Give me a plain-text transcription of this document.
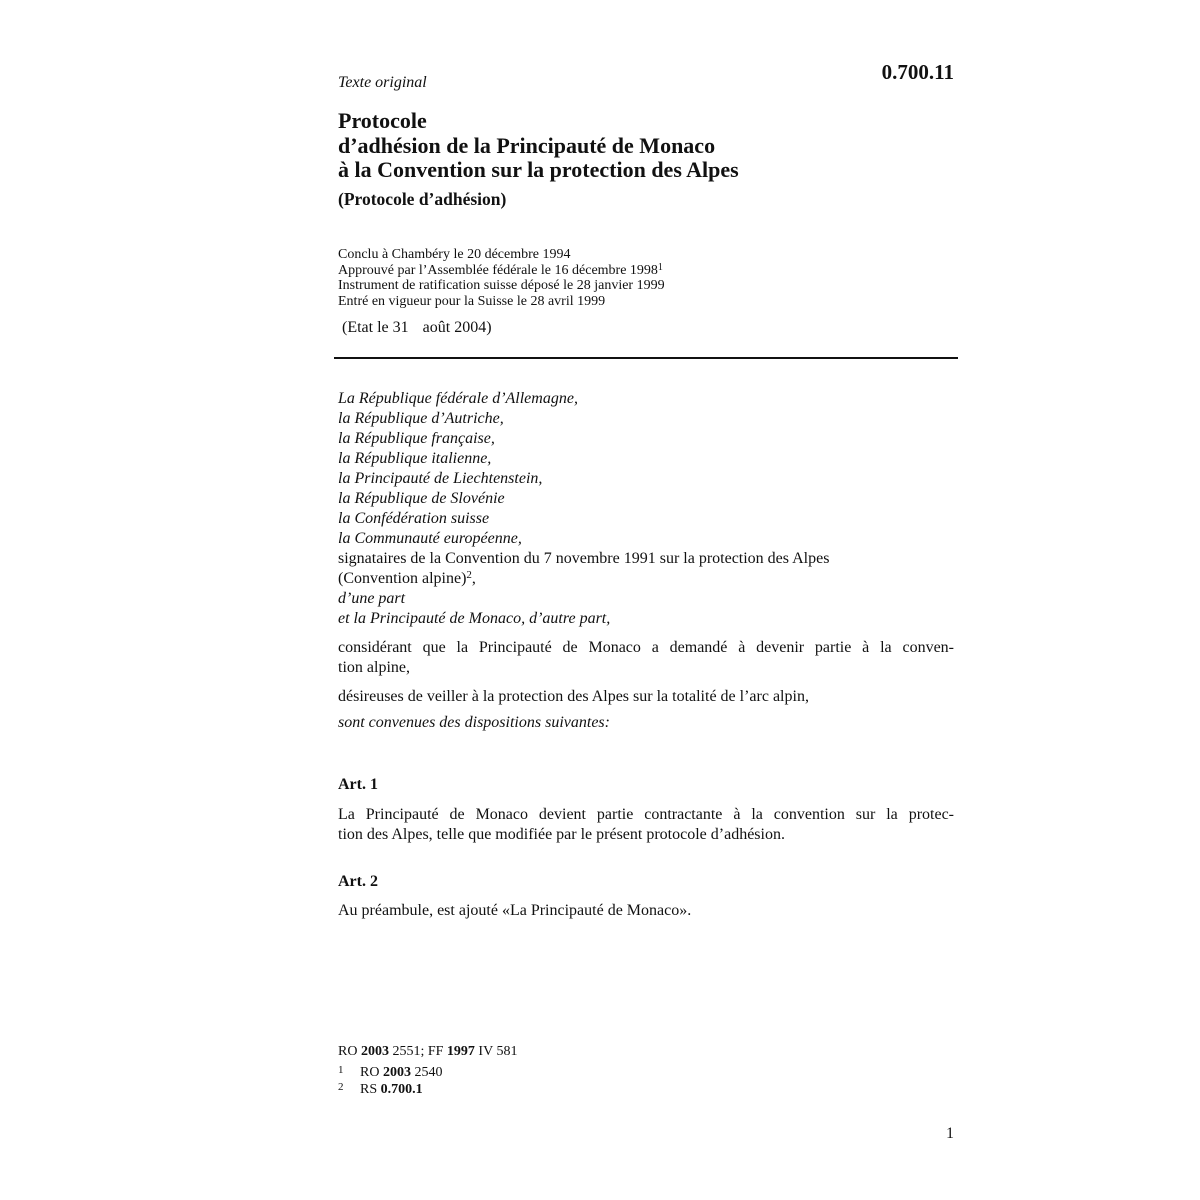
Texte original	0.700.11

Protocole
d’adhésion de la Principauté de Monaco
à la Convention sur la protection des Alpes

(Protocole d’adhésion)

Conclu à Chambéry le 20 décembre 1994
Approuvé par l’Assemblée fédérale le 16 décembre 1998$^1$
Instrument de ratification suisse déposé le 28 janvier 1999
Entré en vigueur pour la Suisse le 28 avril 1999

(Etat le 31 août 2004)

La République fédérale d’Allemagne,
la République d’Autriche,
la République française,
la République italienne,
la Principauté de Liechtenstein,
la République de Slovénie
la Confédération suisse
la Communauté européenne,
signataires de la Convention du 7 novembre 1991 sur la protection des Alpes
(Convention alpine)$^2$,
d’une part
et la Principauté de Monaco, d’autre part,
considérant que la Principauté de Monaco a demandé à devenir partie à la conven-
tion alpine,

désireuses de veiller à la protection des Alpes sur la totalité de l’arc alpin,

sont convenues des dispositions suivantes:

Art. 1

La Principauté de Monaco devient partie contractante à la convention sur la protec-
tion des Alpes, telle que modifiée par le présent protocole d’adhésion.

Art. 2

Au préambule, est ajouté «La Principauté de Monaco».

RO 2003 2551; FF 1997 IV 581
1 RO 2003 2540
2 RS 0.700.1

1
